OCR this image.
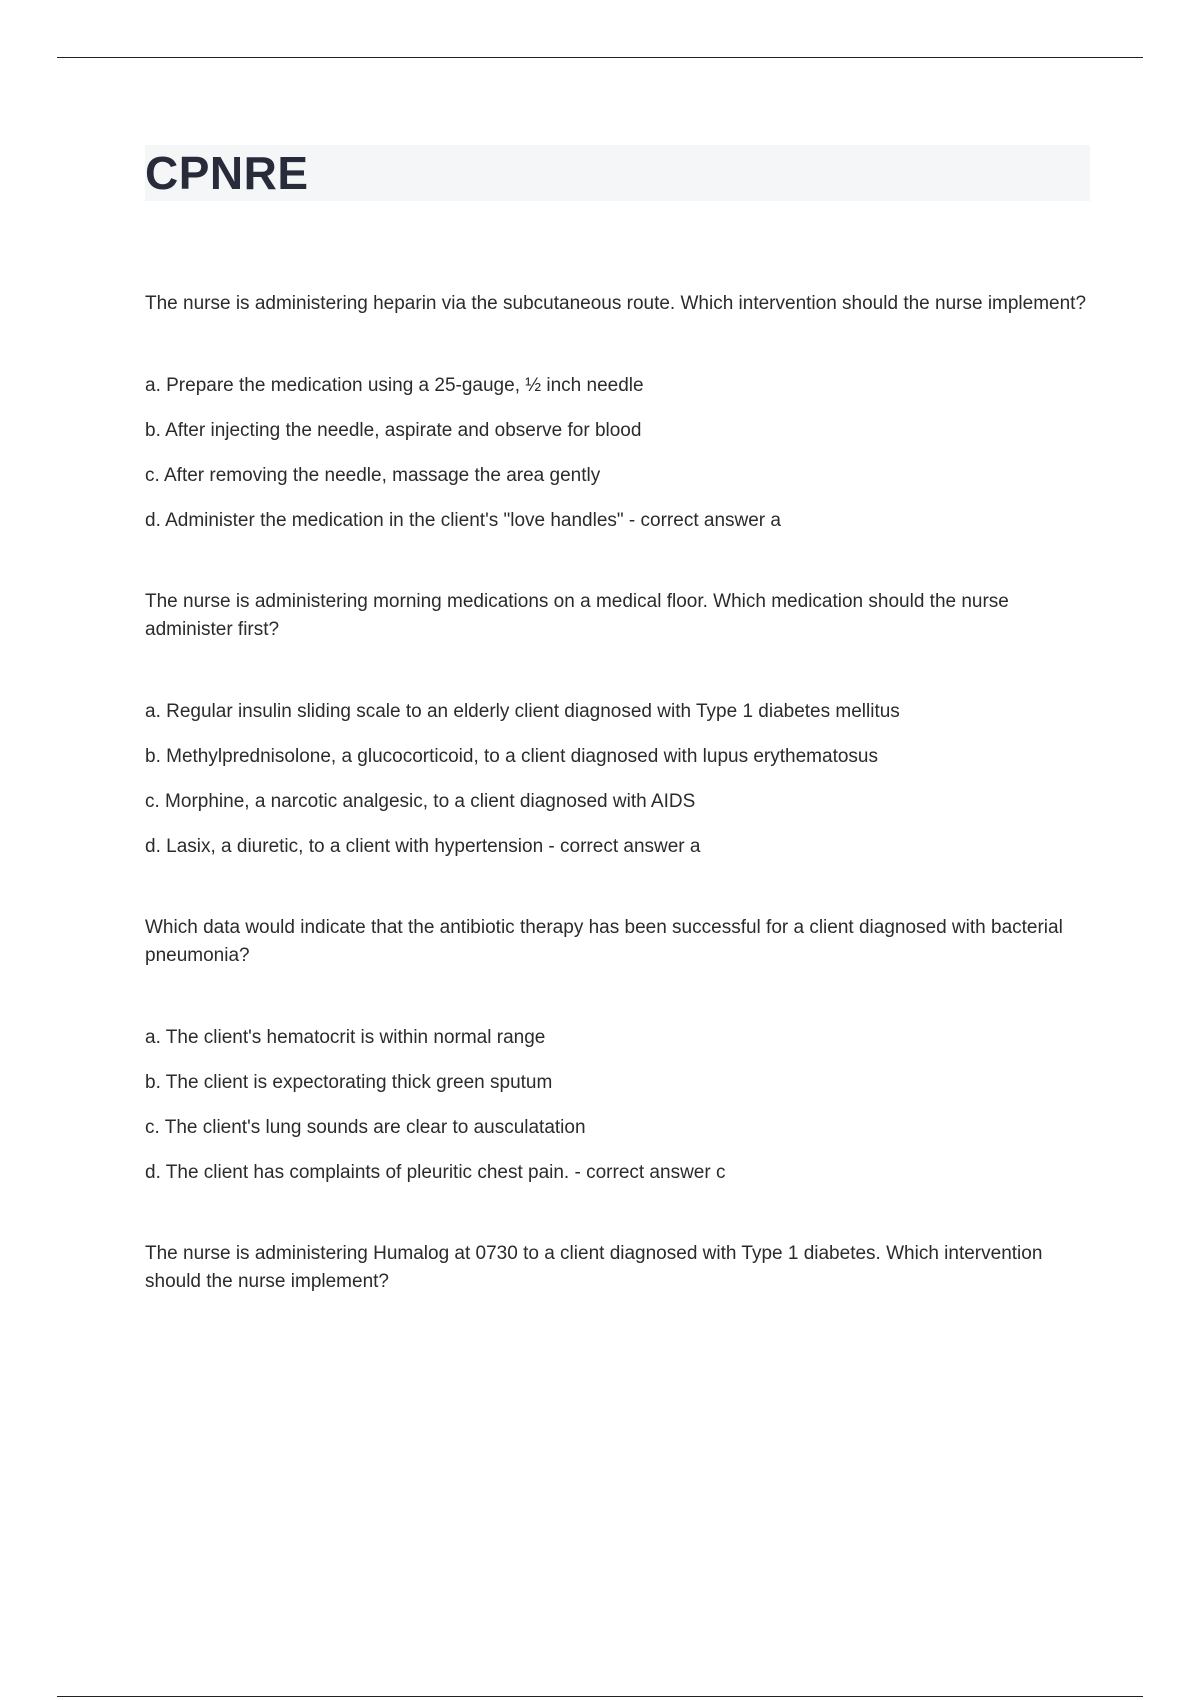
CPNRE

The nurse is administering heparin via the subcutaneous route. Which intervention should the nurse implement?

a. Prepare the medication using a 25-gauge, ½ inch needle
b. After injecting the needle, aspirate and observe for blood
c. After removing the needle, massage the area gently
d. Administer the medication in the client's "love handles" - correct answer a

The nurse is administering morning medications on a medical floor. Which medication should the nurse administer first?

a. Regular insulin sliding scale to an elderly client diagnosed with Type 1 diabetes mellitus
b. Methylprednisolone, a glucocorticoid, to a client diagnosed with lupus erythematosus
c. Morphine, a narcotic analgesic, to a client diagnosed with AIDS
d. Lasix, a diuretic, to a client with hypertension - correct answer a

Which data would indicate that the antibiotic therapy has been successful for a client diagnosed with bacterial pneumonia?

a. The client's hematocrit is within normal range
b. The client is expectorating thick green sputum
c. The client's lung sounds are clear to ausculatation
d. The client has complaints of pleuritic chest pain. - correct answer c

The nurse is administering Humalog at 0730 to a client diagnosed with Type 1 diabetes. Which intervention should the nurse implement?
